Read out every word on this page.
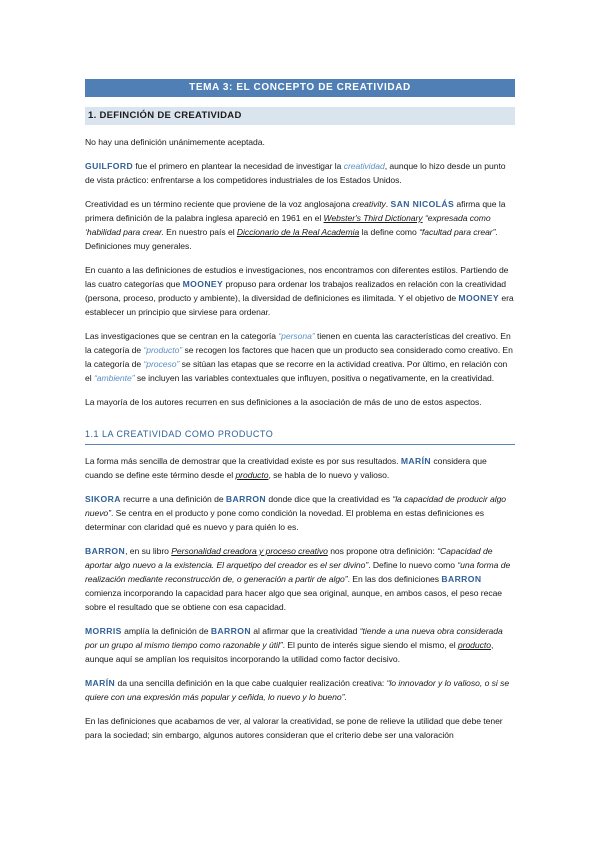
TEMA 3: EL CONCEPTO DE CREATIVIDAD
1. DEFINCIÓN DE CREATIVIDAD

No hay una definición unánimemente aceptada.

GUILFORD fue el primero en plantear la necesidad de investigar la creatividad, aunque lo hizo desde un punto de vista práctico: enfrentarse a los competidores industriales de los Estados Unidos.

Creatividad es un término reciente que proviene de la voz anglosajona creativity. SAN NICOLÁS afirma que la primera definición de la palabra inglesa apareció en 1961 en el Webster's Third Dictionary “expresada como ‘habilidad para crear. En nuestro país el Diccionario de la Real Academia la define como “facultad para crear”. Definiciones muy generales.

En cuanto a las definiciones de estudios e investigaciones, nos encontramos con diferentes estilos. Partiendo de las cuatro categorías que MOONEY propuso para ordenar los trabajos realizados en relación con la creatividad (persona, proceso, producto y ambiente), la diversidad de definiciones es ilimitada. Y el objetivo de MOONEY era establecer un principio que sirviese para ordenar.

Las investigaciones que se centran en la categoría “persona” tienen en cuenta las características del creativo. En la categoría de “producto” se recogen los factores que hacen que un producto sea considerado como creativo. En la categoría de “proceso” se sitúan las etapas que se recorre en la actividad creativa. Por último, en relación con el “ambiente” se incluyen las variables contextuales que influyen, positiva o negativamente, en la creatividad.

La mayoría de los autores recurren en sus definiciones a la asociación de más de uno de estos aspectos.

1.1 LA CREATIVIDAD COMO PRODUCTO

La forma más sencilla de demostrar que la creatividad existe es por sus resultados. MARÍN considera que cuando se define este término desde el producto, se habla de lo nuevo y valioso.

SIKORA recurre a una definición de BARRON donde dice que la creatividad es “la capacidad de producir algo nuevo”. Se centra en el producto y pone como condición la novedad. El problema en estas definiciones es determinar con claridad qué es nuevo y para quién lo es.

BARRON, en su libro Personalidad creadora y proceso creativo nos propone otra definición: “Capacidad de aportar algo nuevo a la existencia. El arquetipo del creador es el ser divino”. Define lo nuevo como “una forma de realización mediante reconstrucción de, o generación a partir de algo”. En las dos definiciones BARRON comienza incorporando la capacidad para hacer algo que sea original, aunque, en ambos casos, el peso recae sobre el resultado que se obtiene con esa capacidad.

MORRIS amplía la definición de BARRON al afirmar que la creatividad “tiende a una nueva obra considerada por un grupo al mismo tiempo como razonable y útil”. El punto de interés sigue siendo el mismo, el producto, aunque aquí se amplían los requisitos incorporando la utilidad como factor decisivo.

MARÍN da una sencilla definición en la que cabe cualquier realización creativa: “lo innovador y lo valioso, o si se quiere con una expresión más popular y ceñida, lo nuevo y lo bueno”.

En las definiciones que acabamos de ver, al valorar la creatividad, se pone de relieve la utilidad que debe tener para la sociedad; sin embargo, algunos autores consideran que el criterio debe ser una valoración
